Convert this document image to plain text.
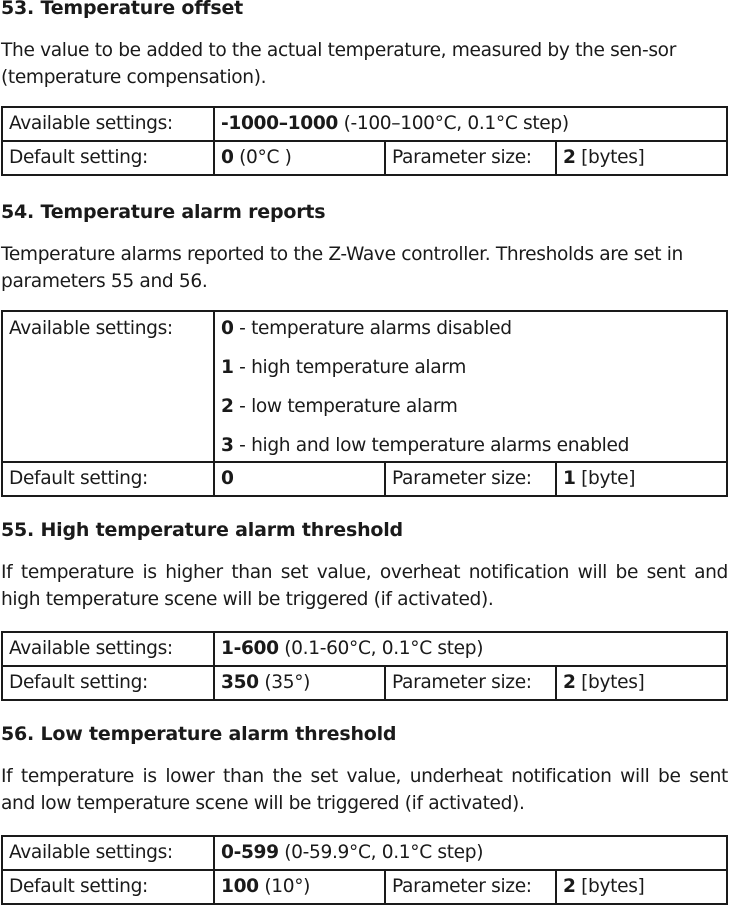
53. Temperature offset
The value to be added to the actual temperature, measured by the sen-sor (temperature compensation).
Available settings:	-1000–1000 (-100–100°C, 0.1°C step)		
Default setting:	0 (0°C )	Parameter size:	2 [bytes]
54. Temperature alarm reports
Temperature alarms reported to the Z-Wave controller. Thresholds are set in parameters 55 and 56.
Available settings:	0 - temperature alarms disabled
1 - high temperature alarm
2 - low temperature alarm
3 - high and low temperature alarms enabled		

Default setting:	0	Parameter size:	1 [byte]
55. High temperature alarm threshold
If temperature is higher than set value, overheat notification will be sent and high temperature scene will be triggered (if activated).
Available settings:	1-600 (0.1-60°C, 0.1°C step)		
Default setting:	350 (35°)	Parameter size:	2 [bytes]
56. Low temperature alarm threshold
If temperature is lower than the set value, underheat notification will be sent and low temperature scene will be triggered (if activated).
Available settings:	0-599 (0-59.9°C, 0.1°C step)		
Default setting:	100 (10°)	Parameter size:	2 [bytes]
